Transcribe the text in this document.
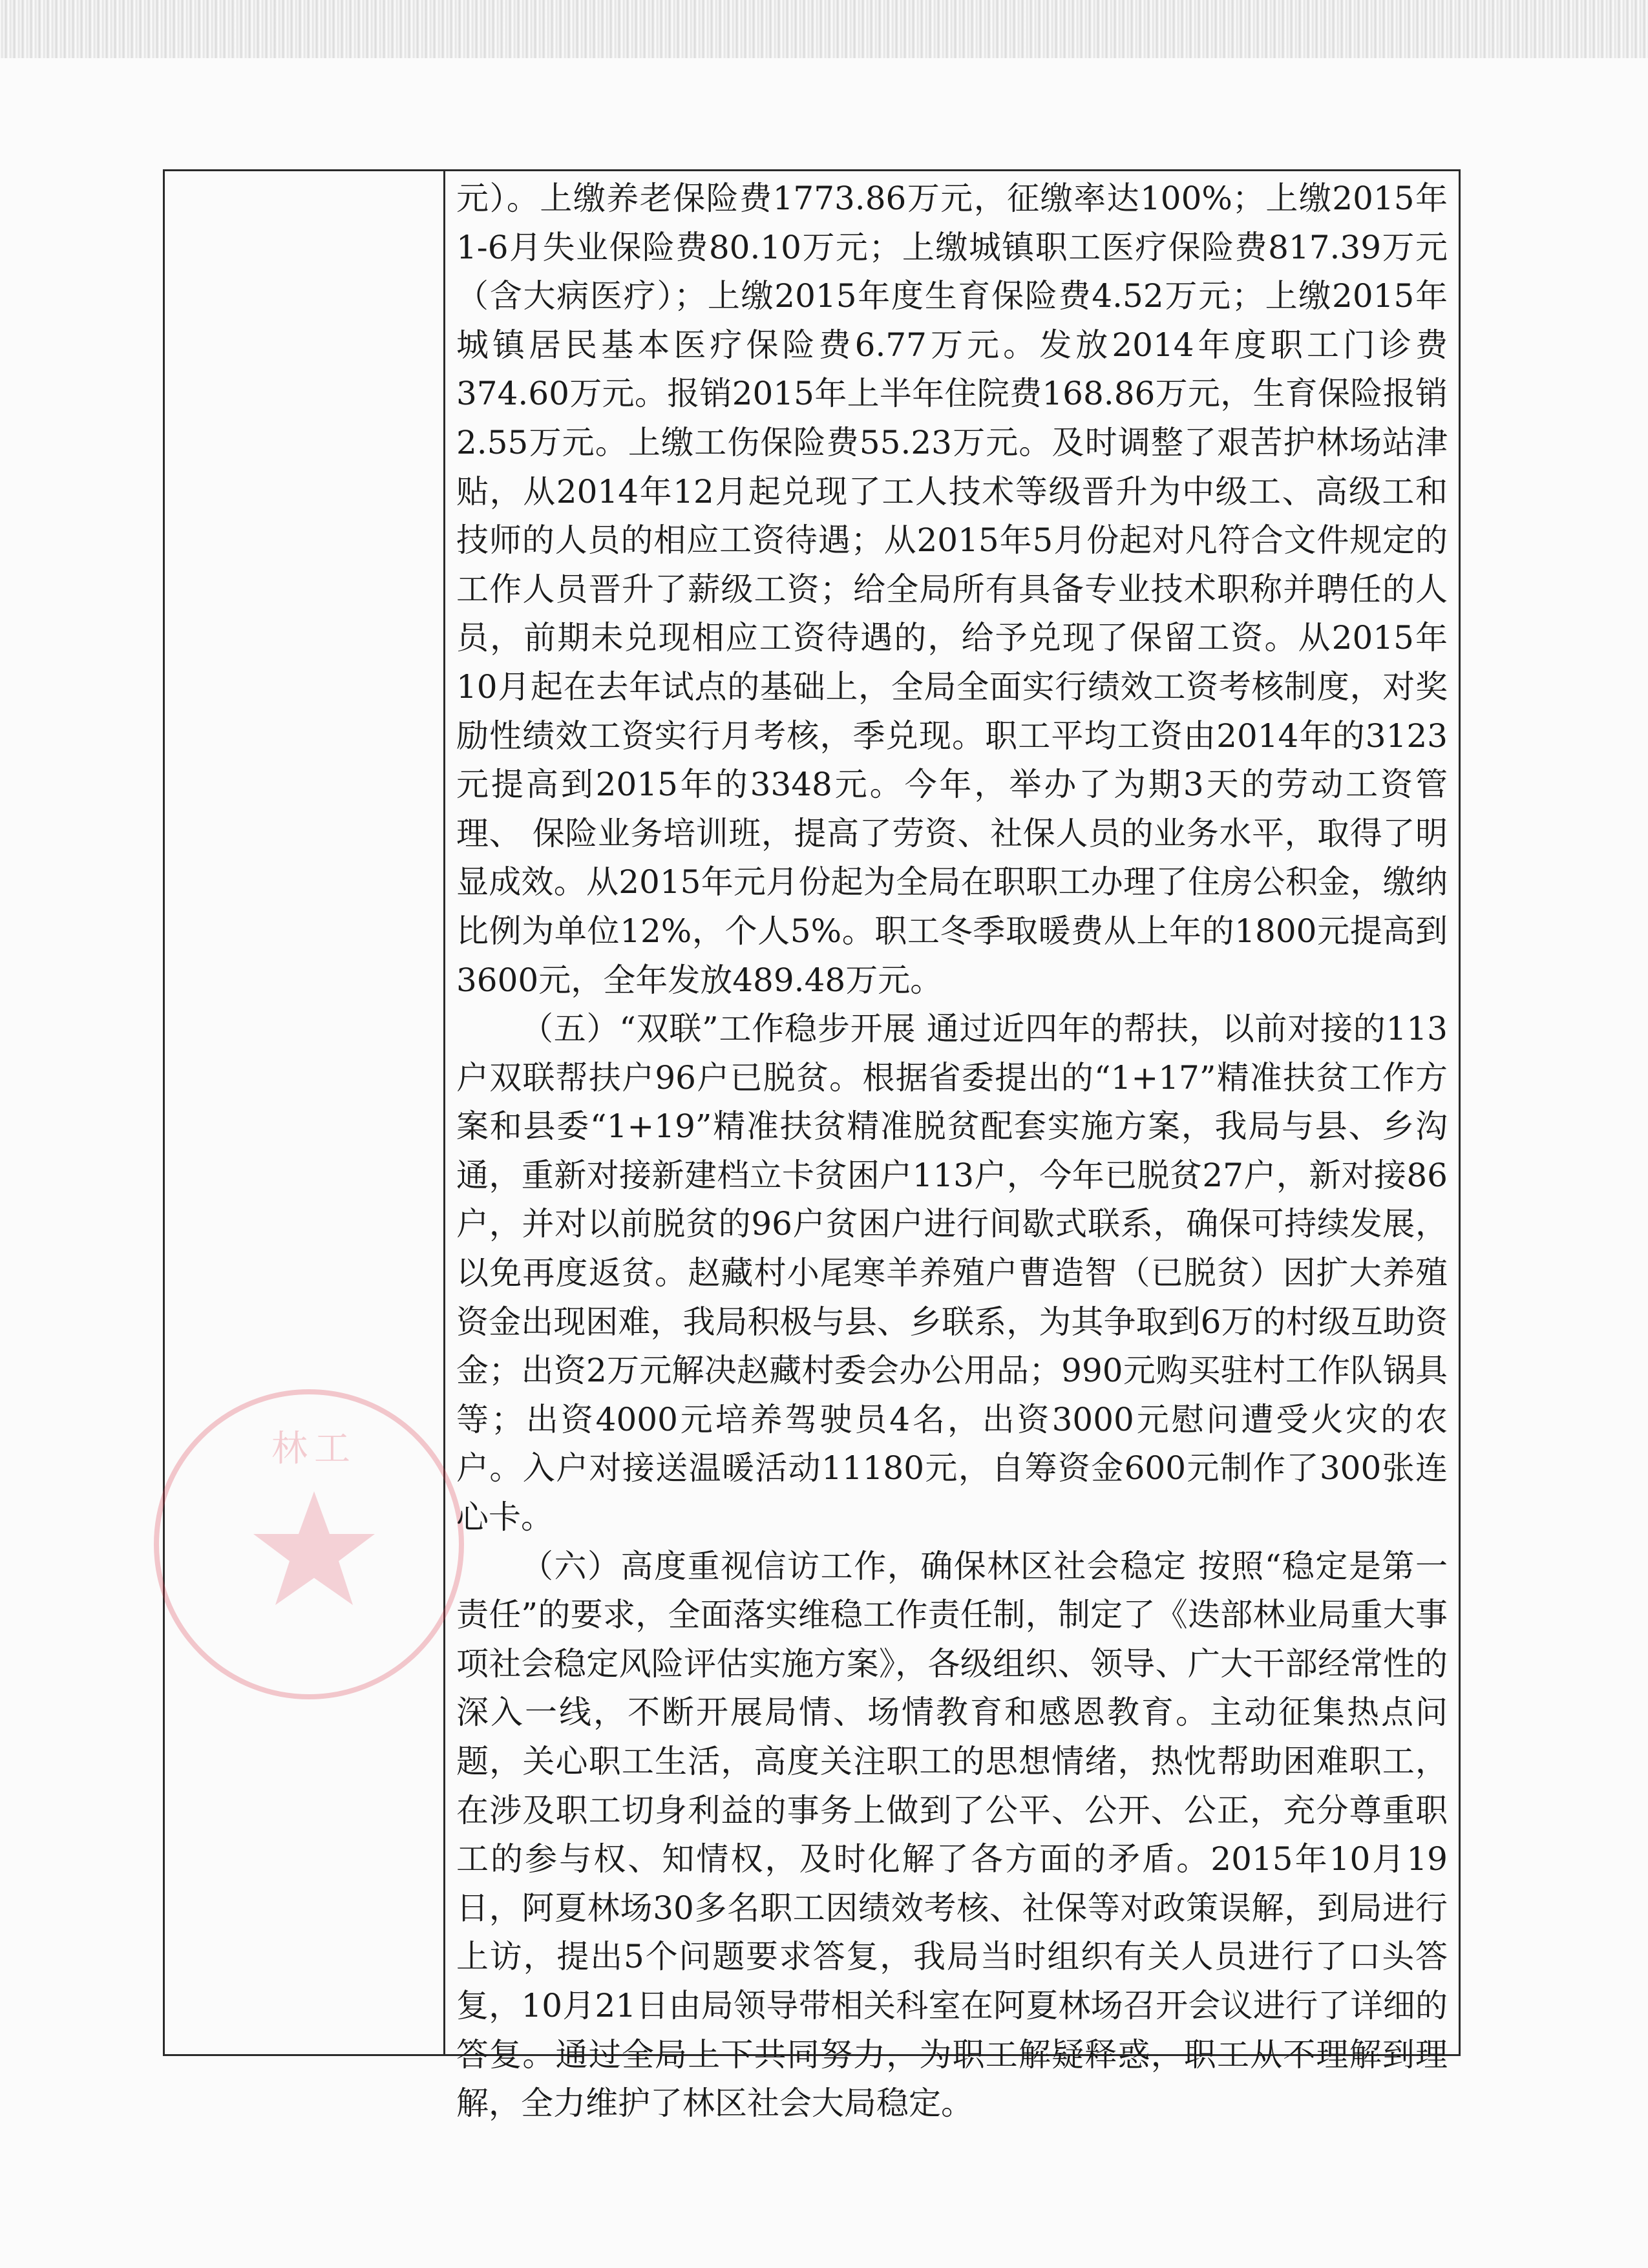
林工

元）。上缴养老保险费1773.86万元，征缴率达100%；上缴2015年1-6月失业保险费80.10万元；上缴城镇职工医疗保险费817.39万元（含大病医疗）；上缴2015年度生育保险费4.52万元；上缴2015年城镇居民基本医疗保险费6.77万元。发放2014年度职工门诊费 374.60万元。报销2015年上半年住院费168.86万元，生育保险报销2.55万元。上缴工伤保险费55.23万元。及时调整了艰苦护林场站津贴，从2014年12月起兑现了工人技术等级晋升为中级工、高级工和技师的人员的相应工资待遇；从2015年5月份起对凡符合文件规定的工作人员晋升了薪级工资；给全局所有具备专业技术职称并聘任的人员，前期未兑现相应工资待遇的，给予兑现了保留工资。从2015年10月起在去年试点的基础上，全局全面实行绩效工资考核制度，对奖励性绩效工资实行月考核，季兑现。职工平均工资由2014年的3123元提高到2015年的3348元。今年，举办了为期3天的劳动工资管理、 保险业务培训班，提高了劳资、社保人员的业务水平，取得了明显成效。从2015年元月份起为全局在职职工办理了住房公积金，缴纳比例为单位12%，个人5%。职工冬季取暖费从上年的1800元提高到3600元，全年发放489.48万元。

（五）“双联”工作稳步开展 通过近四年的帮扶，以前对接的113户双联帮扶户96户已脱贫。根据省委提出的“1+17”精准扶贫工作方案和县委“1+19”精准扶贫精准脱贫配套实施方案，我局与县、乡沟通，重新对接新建档立卡贫困户113户，今年已脱贫27户，新对接86户，并对以前脱贫的96户贫困户进行间歇式联系，确保可持续发展，以免再度返贫。赵藏村小尾寒羊养殖户曹造智（已脱贫）因扩大养殖资金出现困难，我局积极与县、乡联系，为其争取到6万的村级互助资金；出资2万元解决赵藏村委会办公用品；990元购买驻村工作队锅具等；出资4000元培养驾驶员4名，出资3000元慰问遭受火灾的农户。入户对接送温暖活动11180元，自筹资金600元制作了300张连心卡。

（六）高度重视信访工作，确保林区社会稳定 按照“稳定是第一责任”的要求，全面落实维稳工作责任制，制定了《迭部林业局重大事项社会稳定风险评估实施方案》，各级组织、领导、广大干部经常性的深入一线，不断开展局情、场情教育和感恩教育。主动征集热点问题，关心职工生活，高度关注职工的思想情绪，热忱帮助困难职工，在涉及职工切身利益的事务上做到了公平、公开、公正，充分尊重职工的参与权、知情权，及时化解了各方面的矛盾。2015年10月19日，阿夏林场30多名职工因绩效考核、社保等对政策误解，到局进行上访，提出5个问题要求答复，我局当时组织有关人员进行了口头答复，10月21日由局领导带相关科室在阿夏林场召开会议进行了详细的答复。通过全局上下共同努力，为职工解疑释惑，职工从不理解到理解，全力维护了林区社会大局稳定。
